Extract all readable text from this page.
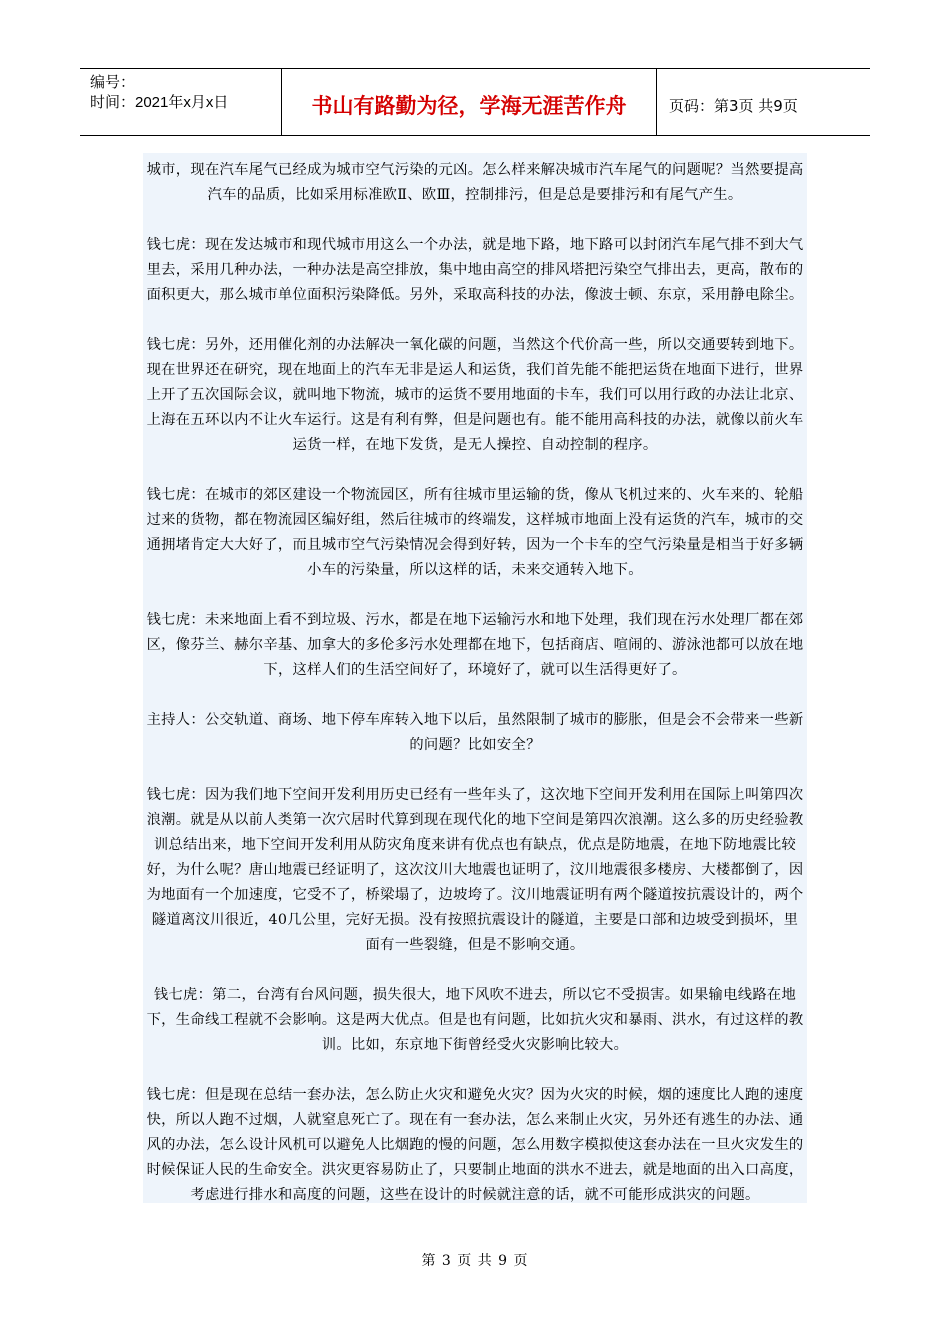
编号：
时间：2021年x月x日	书山有路勤为径，学海无涯苦作舟	页码：第3页 共9页

城市，现在汽车尾气已经成为城市空气污染的元凶。怎么样来解决城市汽车尾气的问题呢？当然要提高汽车的品质，比如采用标准欧Ⅱ、欧Ⅲ，控制排污，但是总是要排污和有尾气产生。

钱七虎：现在发达城市和现代城市用这么一个办法，就是地下路，地下路可以封闭汽车尾气排不到大气里去，采用几种办法，一种办法是高空排放，集中地由高空的排风塔把污染空气排出去，更高，散布的面积更大，那么城市单位面积污染降低。另外，采取高科技的办法，像波士顿、东京，采用静电除尘。

钱七虎：另外，还用催化剂的办法解决一氧化碳的问题，当然这个代价高一些，所以交通要转到地下。现在世界还在研究，现在地面上的汽车无非是运人和运货，我们首先能不能把运货在地面下进行，世界上开了五次国际会议，就叫地下物流，城市的运货不要用地面的卡车，我们可以用行政的办法让北京、上海在五环以内不让火车运行。这是有利有弊，但是问题也有。能不能用高科技的办法，就像以前火车运货一样，在地下发货，是无人操控、自动控制的程序。

钱七虎：在城市的郊区建设一个物流园区，所有往城市里运输的货，像从飞机过来的、火车来的、轮船过来的货物，都在物流园区编好组，然后往城市的终端发，这样城市地面上没有运货的汽车，城市的交通拥堵肯定大大好了，而且城市空气污染情况会得到好转，因为一个卡车的空气污染量是相当于好多辆小车的污染量，所以这样的话，未来交通转入地下。

钱七虎：未来地面上看不到垃圾、污水，都是在地下运输污水和地下处理，我们现在污水处理厂都在郊区，像芬兰、赫尔辛基、加拿大的多伦多污水处理都在地下，包括商店、喧闹的、游泳池都可以放在地下，这样人们的生活空间好了，环境好了，就可以生活得更好了。

主持人：公交轨道、商场、地下停车库转入地下以后，虽然限制了城市的膨胀，但是会不会带来一些新的问题？比如安全？

钱七虎：因为我们地下空间开发利用历史已经有一些年头了，这次地下空间开发利用在国际上叫第四次浪潮。就是从以前人类第一次穴居时代算到现在现代化的地下空间是第四次浪潮。这么多的历史经验教训总结出来，地下空间开发利用从防灾角度来讲有优点也有缺点，优点是防地震，在地下防地震比较好，为什么呢？唐山地震已经证明了，这次汶川大地震也证明了，汶川地震很多楼房、大楼都倒了，因为地面有一个加速度，它受不了，桥梁塌了，边坡垮了。汶川地震证明有两个隧道按抗震设计的，两个隧道离汶川很近，40几公里，完好无损。没有按照抗震设计的隧道，主要是口部和边坡受到损坏，里面有一些裂缝，但是不影响交通。

钱七虎：第二，台湾有台风问题，损失很大，地下风吹不进去，所以它不受损害。如果输电线路在地下，生命线工程就不会影响。这是两大优点。但是也有问题，比如抗火灾和暴雨、洪水，有过这样的教训。比如，东京地下街曾经受火灾影响比较大。

钱七虎：但是现在总结一套办法，怎么防止火灾和避免火灾？因为火灾的时候，烟的速度比人跑的速度快，所以人跑不过烟，人就窒息死亡了。现在有一套办法，怎么来制止火灾，另外还有逃生的办法、通风的办法，怎么设计风机可以避免人比烟跑的慢的问题，怎么用数字模拟使这套办法在一旦火灾发生的时候保证人民的生命安全。洪灾更容易防止了，只要制止地面的洪水不进去，就是地面的出入口高度，考虑进行排水和高度的问题，这些在设计的时候就注意的话，就不可能形成洪灾的问题。

第 3 页 共 9 页
